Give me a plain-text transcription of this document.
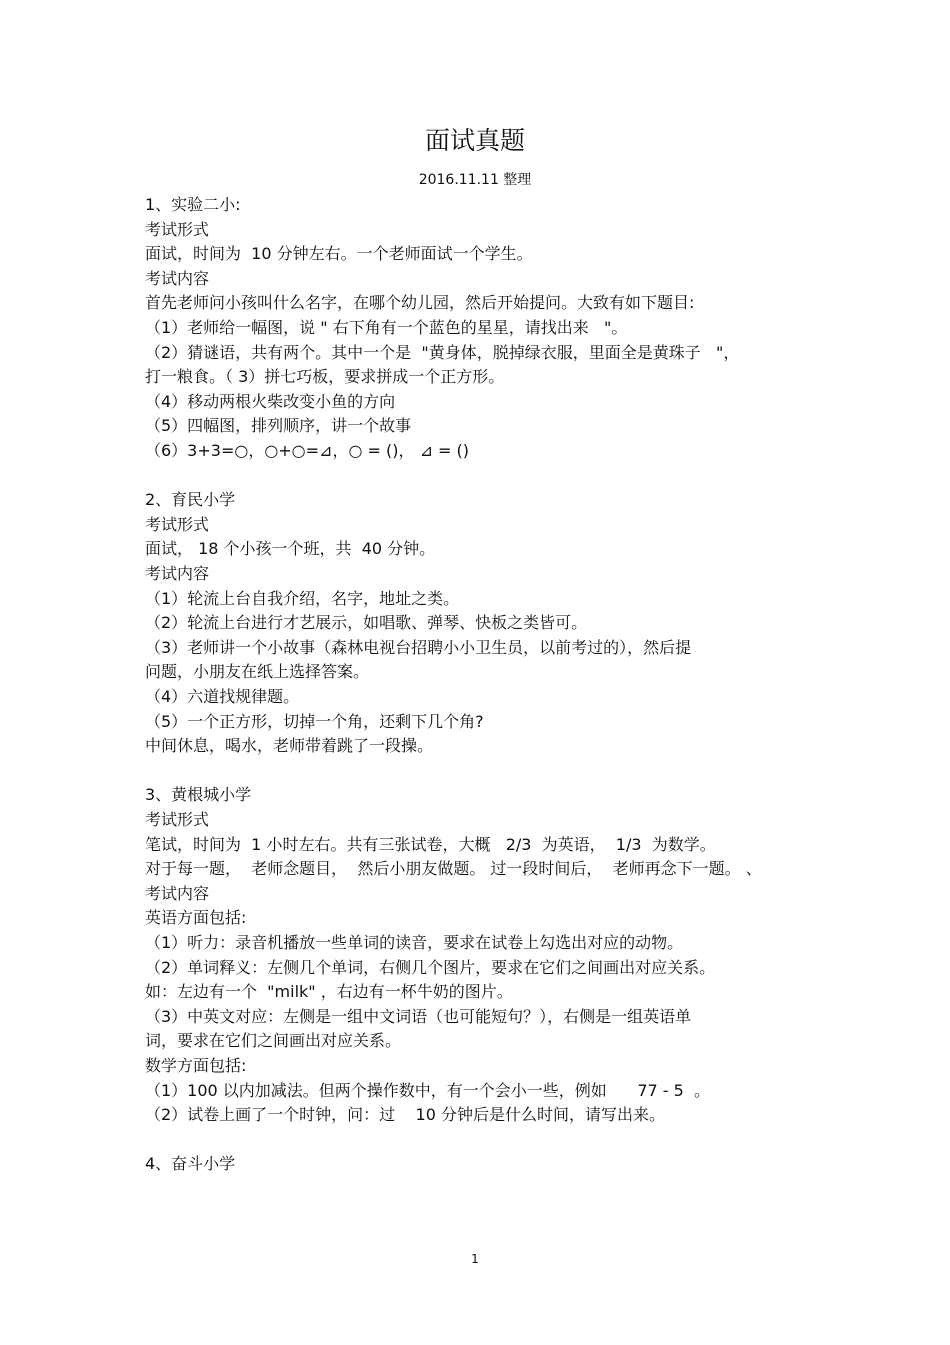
面试真题
2016.11.11 整理
1、实验二小:
考试形式
面试，时间为  10 分钟左右。一个老师面试一个学生。
考试内容
首先老师问小孩叫什么名字，在哪个幼儿园，然后开始提问。大致有如下题目:
（1）老师给一幅图，说 " 右下角有一个蓝色的星星，请找出来   "。
（2）猜谜语，共有两个。其中一个是  "黄身体，脱掉绿衣服，里面全是黄珠子   "，
打一粮食。（ 3）拼七巧板，要求拼成一个正方形。
（4）移动两根火柴改变小鱼的方向
（5）四幅图，排列顺序，讲一个故事
（6）3+3=○，○+○=⊿，○ = ()， ⊿ = ()
2、育民小学
考试形式
面试， 18 个小孩一个班，共  40 分钟。
考试内容
（1）轮流上台自我介绍，名字，地址之类。
（2）轮流上台进行才艺展示，如唱歌、弹琴、快板之类皆可。
（3）老师讲一个小故事（森林电视台招聘小小卫生员，以前考过的），然后提
问题，小朋友在纸上选择答案。
（4）六道找规律题。
（5）一个正方形，切掉一个角，还剩下几个角?
中间休息，喝水，老师带着跳了一段操。
3、黄根城小学
考试形式
笔试，时间为  1 小时左右。共有三张试卷，大概   2/3  为英语，  1/3  为数学。
对于每一题，  老师念题目，  然后小朋友做题。 过一段时间后，  老师再念下一题。 、
考试内容
英语方面包括:
（1）听力：录音机播放一些单词的读音，要求在试卷上勾选出对应的动物。
（2）单词释义：左侧几个单词，右侧几个图片，要求在它们之间画出对应关系。
如：左边有一个  "milk" ，右边有一杯牛奶的图片。
（3）中英文对应：左侧是一组中文词语（也可能短句？），右侧是一组英语单
词，要求在它们之间画出对应关系。
数学方面包括:
（1）100 以内加减法。但两个操作数中，有一个会小一些，例如      77 - 5  。
（2）试卷上画了一个时钟，问：过    10 分钟后是什么时间，请写出来。
4、奋斗小学
1
